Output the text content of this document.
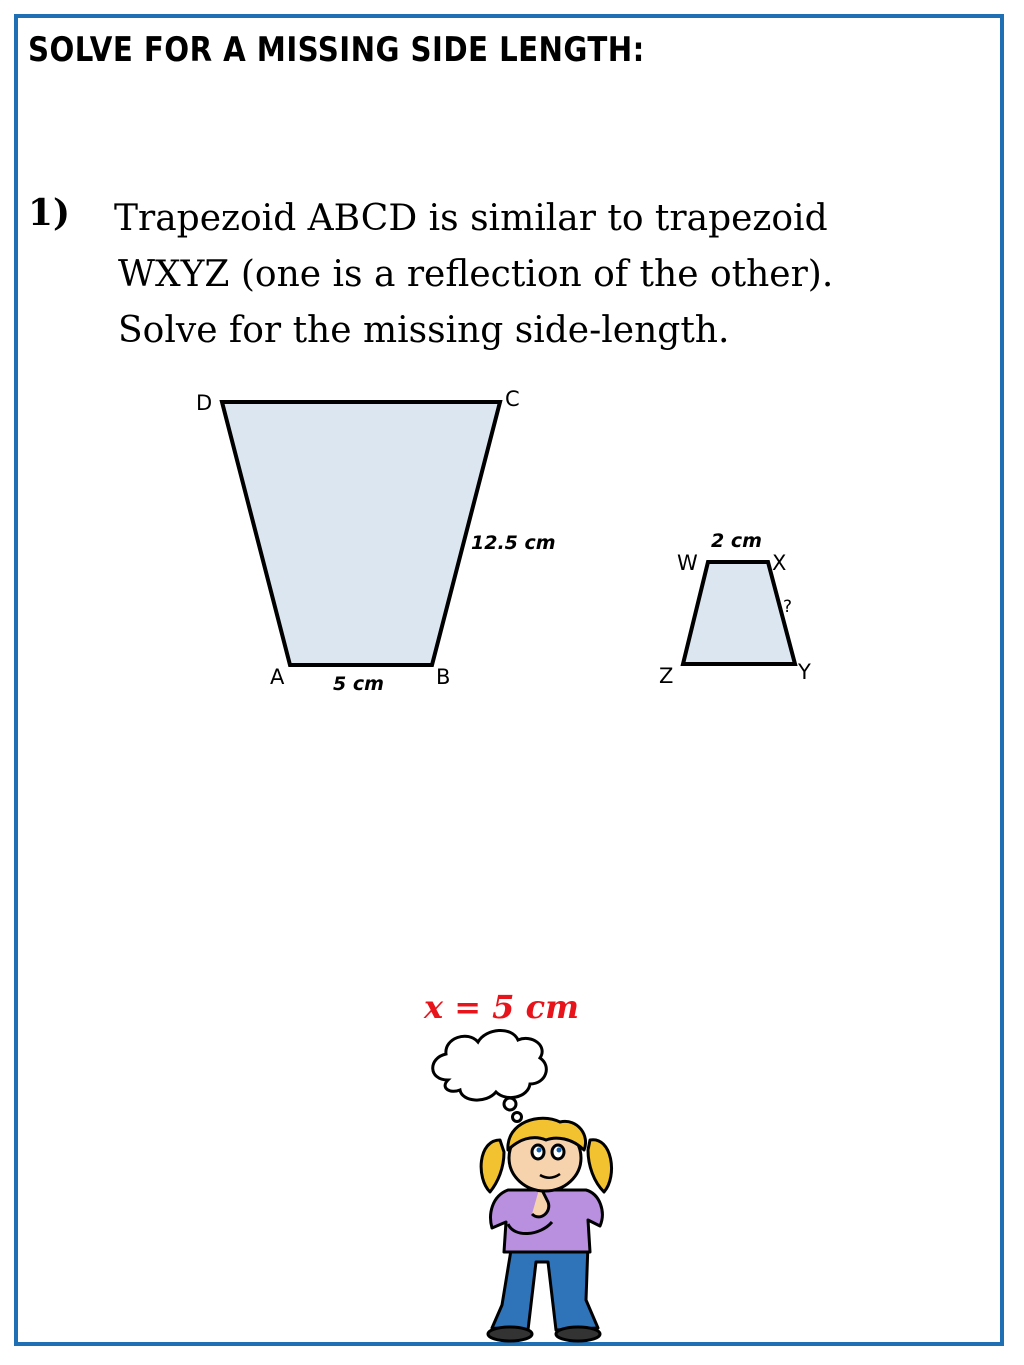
SOLVE FOR A MISSING SIDE LENGTH:
1) Trapezoid ABCD is similar to trapezoid
WXYZ (one is a reflection of the other).
Solve for the missing side-length.

D	C
A	B
12.5 cm
5 cm
W	X
Z	Y
2 cm
?
x = 5 cm
